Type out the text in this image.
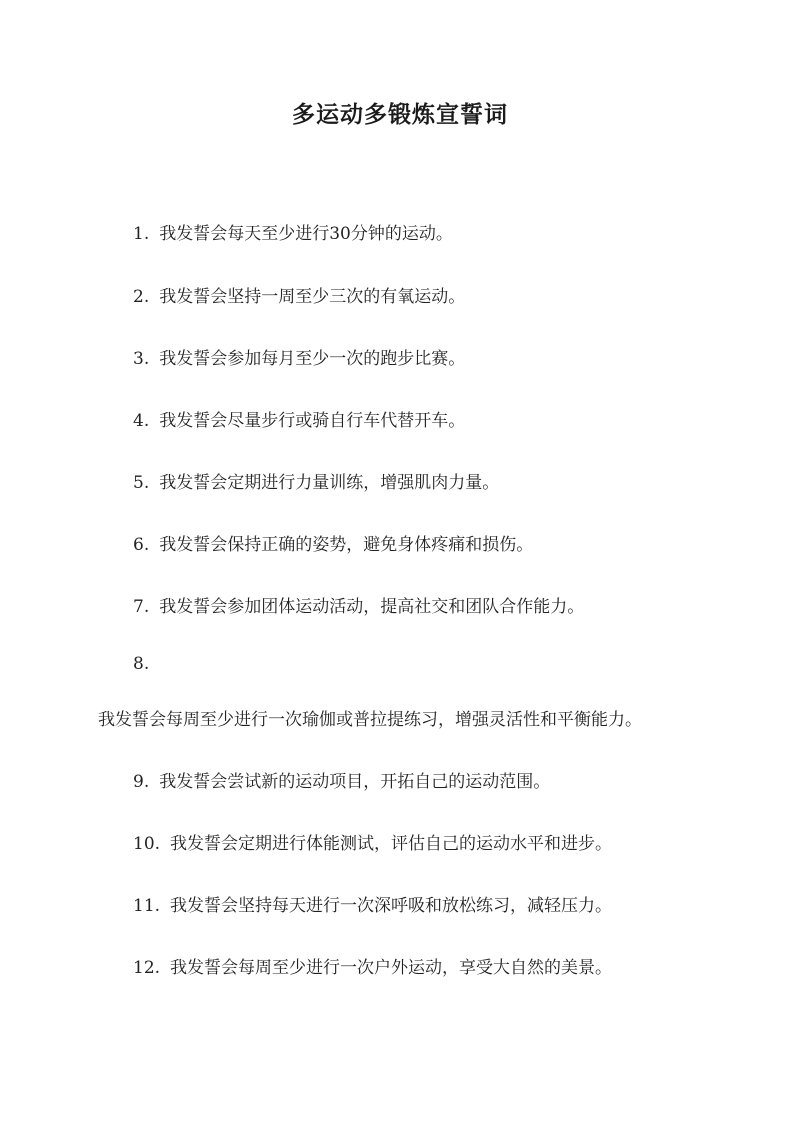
多运动多锻炼宣誓词
1. 我发誓会每天至少进行30分钟的运动。
2. 我发誓会坚持一周至少三次的有氧运动。
3. 我发誓会参加每月至少一次的跑步比赛。
4. 我发誓会尽量步行或骑自行车代替开车。
5. 我发誓会定期进行力量训练，增强肌肉力量。
6. 我发誓会保持正确的姿势，避免身体疼痛和损伤。
7. 我发誓会参加团体运动活动，提高社交和团队合作能力。
8.
我发誓会每周至少进行一次瑜伽或普拉提练习，增强灵活性和平衡能力。
9. 我发誓会尝试新的运动项目，开拓自己的运动范围。
10. 我发誓会定期进行体能测试，评估自己的运动水平和进步。
11. 我发誓会坚持每天进行一次深呼吸和放松练习，减轻压力。
12. 我发誓会每周至少进行一次户外运动，享受大自然的美景。
